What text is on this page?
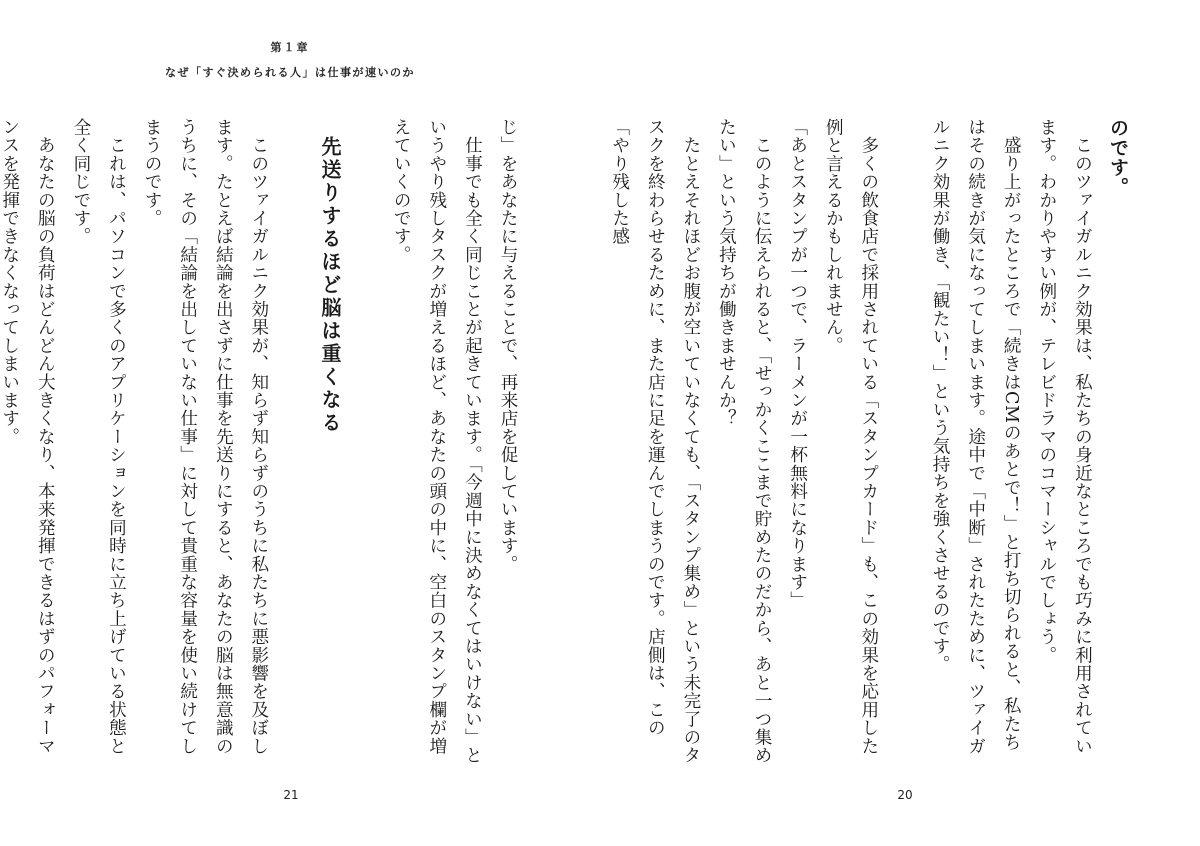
第１章
なぜ「すぐ決められる人」は仕事が速いのか

のです。

　このツァイガルニク効果は、私たちの身近なところでも巧みに利用されています。わかりやすい例が、テレビドラマのコマーシャルでしょう。

　盛り上がったところで「続きはCMのあとで！」と打ち切られると、私たちはその続きが気になってしまいます。途中で「中断」されたために、ツァイガルニク効果が働き、「観たい！」という気持ちを強くさせるのです。

　多くの飲食店で採用されている「スタンプカード」も、この効果を応用した例と言えるかもしれません。

「あとスタンプが一つで、ラーメンが一杯無料になります」

　このように伝えられると、「せっかくここまで貯めたのだから、あと一つ集めたい」という気持ちが働きませんか？

　たとえそれほどお腹が空いていなくても、「スタンプ集め」という未完了のタスクを終わらせるために、また店に足を運んでしまうのです。店側は、この「やり残した感

じ」をあなたに与えることで、再来店を促しています。

　仕事でも全く同じことが起きています。「今週中に決めなくてはいけない」というやり残しタスクが増えるほど、あなたの頭の中に、空白のスタンプ欄が増えていくのです。

先送りするほど脳は重くなる

　このツァイガルニク効果が、知らず知らずのうちに私たちに悪影響を及ぼします。たとえば結論を出さずに仕事を先送りにすると、あなたの脳は無意識のうちに、その「結論を出していない仕事」に対して貴重な容量を使い続けてしまうのです。

　これは、パソコンで多くのアプリケーションを同時に立ち上げている状態と全く同じです。

　あなたの脳の負荷はどんどん大きくなり、本来発揮できるはずのパフォーマンスを発揮できなくなってしまいます。

21	20
